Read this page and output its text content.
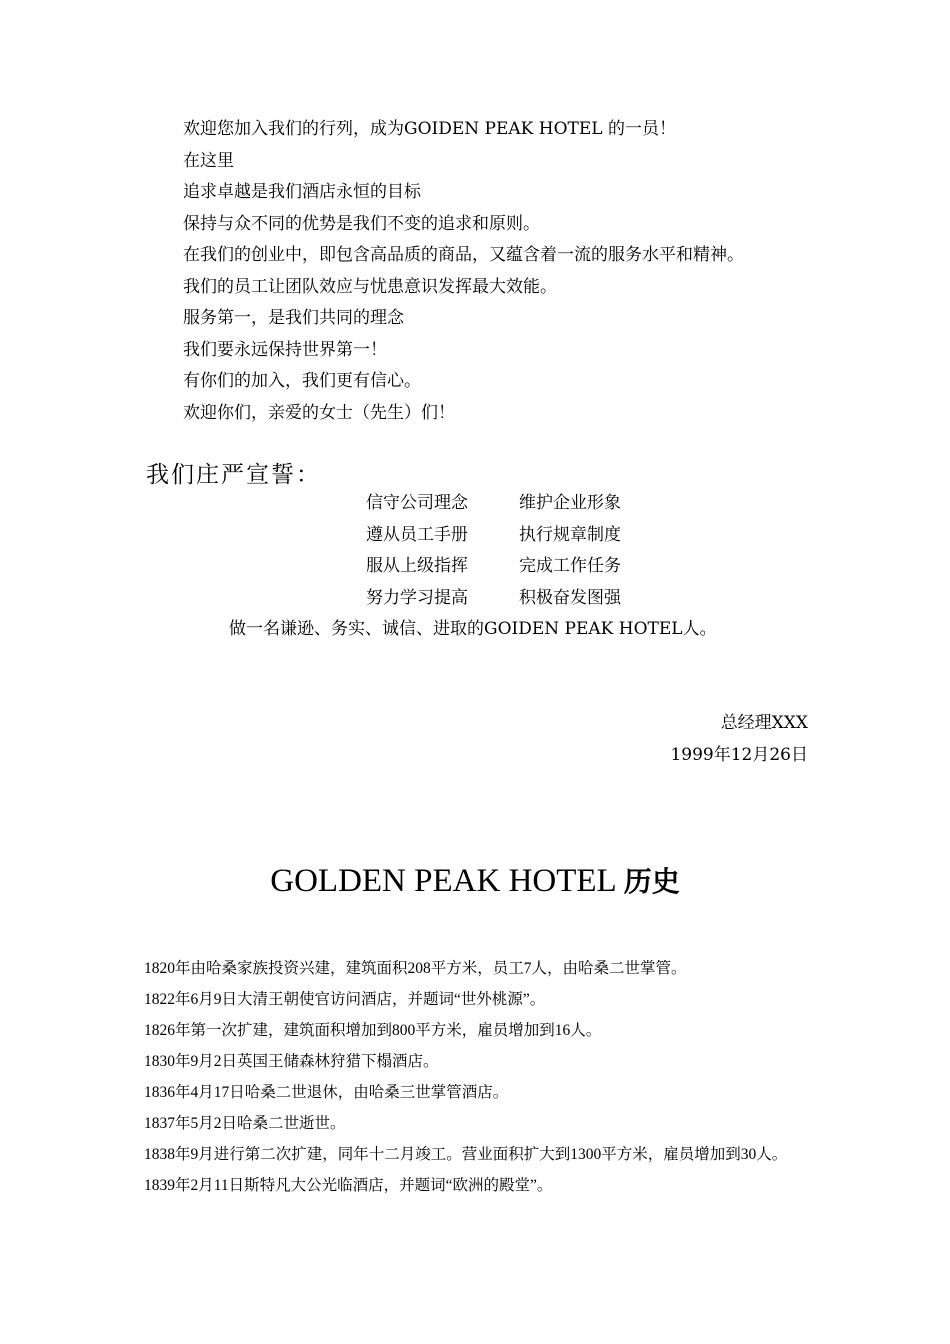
欢迎您加入我们的行列，成为GOIDEN PEAK HOTEL 的一员！
在这里
追求卓越是我们酒店永恒的目标
保持与众不同的优势是我们不变的追求和原则。
在我们的创业中，即包含高品质的商品，又蕴含着一流的服务水平和精神。
我们的员工让团队效应与忧患意识发挥最大效能。
服务第一，是我们共同的理念
我们要永远保持世界第一！
有你们的加入，我们更有信心。
欢迎你们，亲爱的女士（先生）们！
我们庄严宣誓：
信守公司理念	维护企业形象
遵从员工手册	执行规章制度
服从上级指挥	完成工作任务
努力学习提高	积极奋发图强
做一名谦逊、务实、诚信、进取的GOIDEN PEAK HOTEL人。
总经理XXX
1999年12月26日
GOLDEN PEAK HOTEL 历史

1820年由哈桑家族投资兴建，建筑面积208平方米，员工7人，由哈桑二世掌管。

1822年6月9日大清王朝使官访问酒店，并题词“世外桃源”。

1826年第一次扩建，建筑面积增加到800平方米，雇员增加到16人。

1830年9月2日英国王储森林狩猎下榻酒店。

1836年4月17日哈桑二世退休，由哈桑三世掌管酒店。

1837年5月2日哈桑二世逝世。

1838年9月进行第二次扩建，同年十二月竣工。营业面积扩大到1300平方米，雇员增加到30人。

1839年2月11日斯特凡大公光临酒店，并题词“欧洲的殿堂”。
